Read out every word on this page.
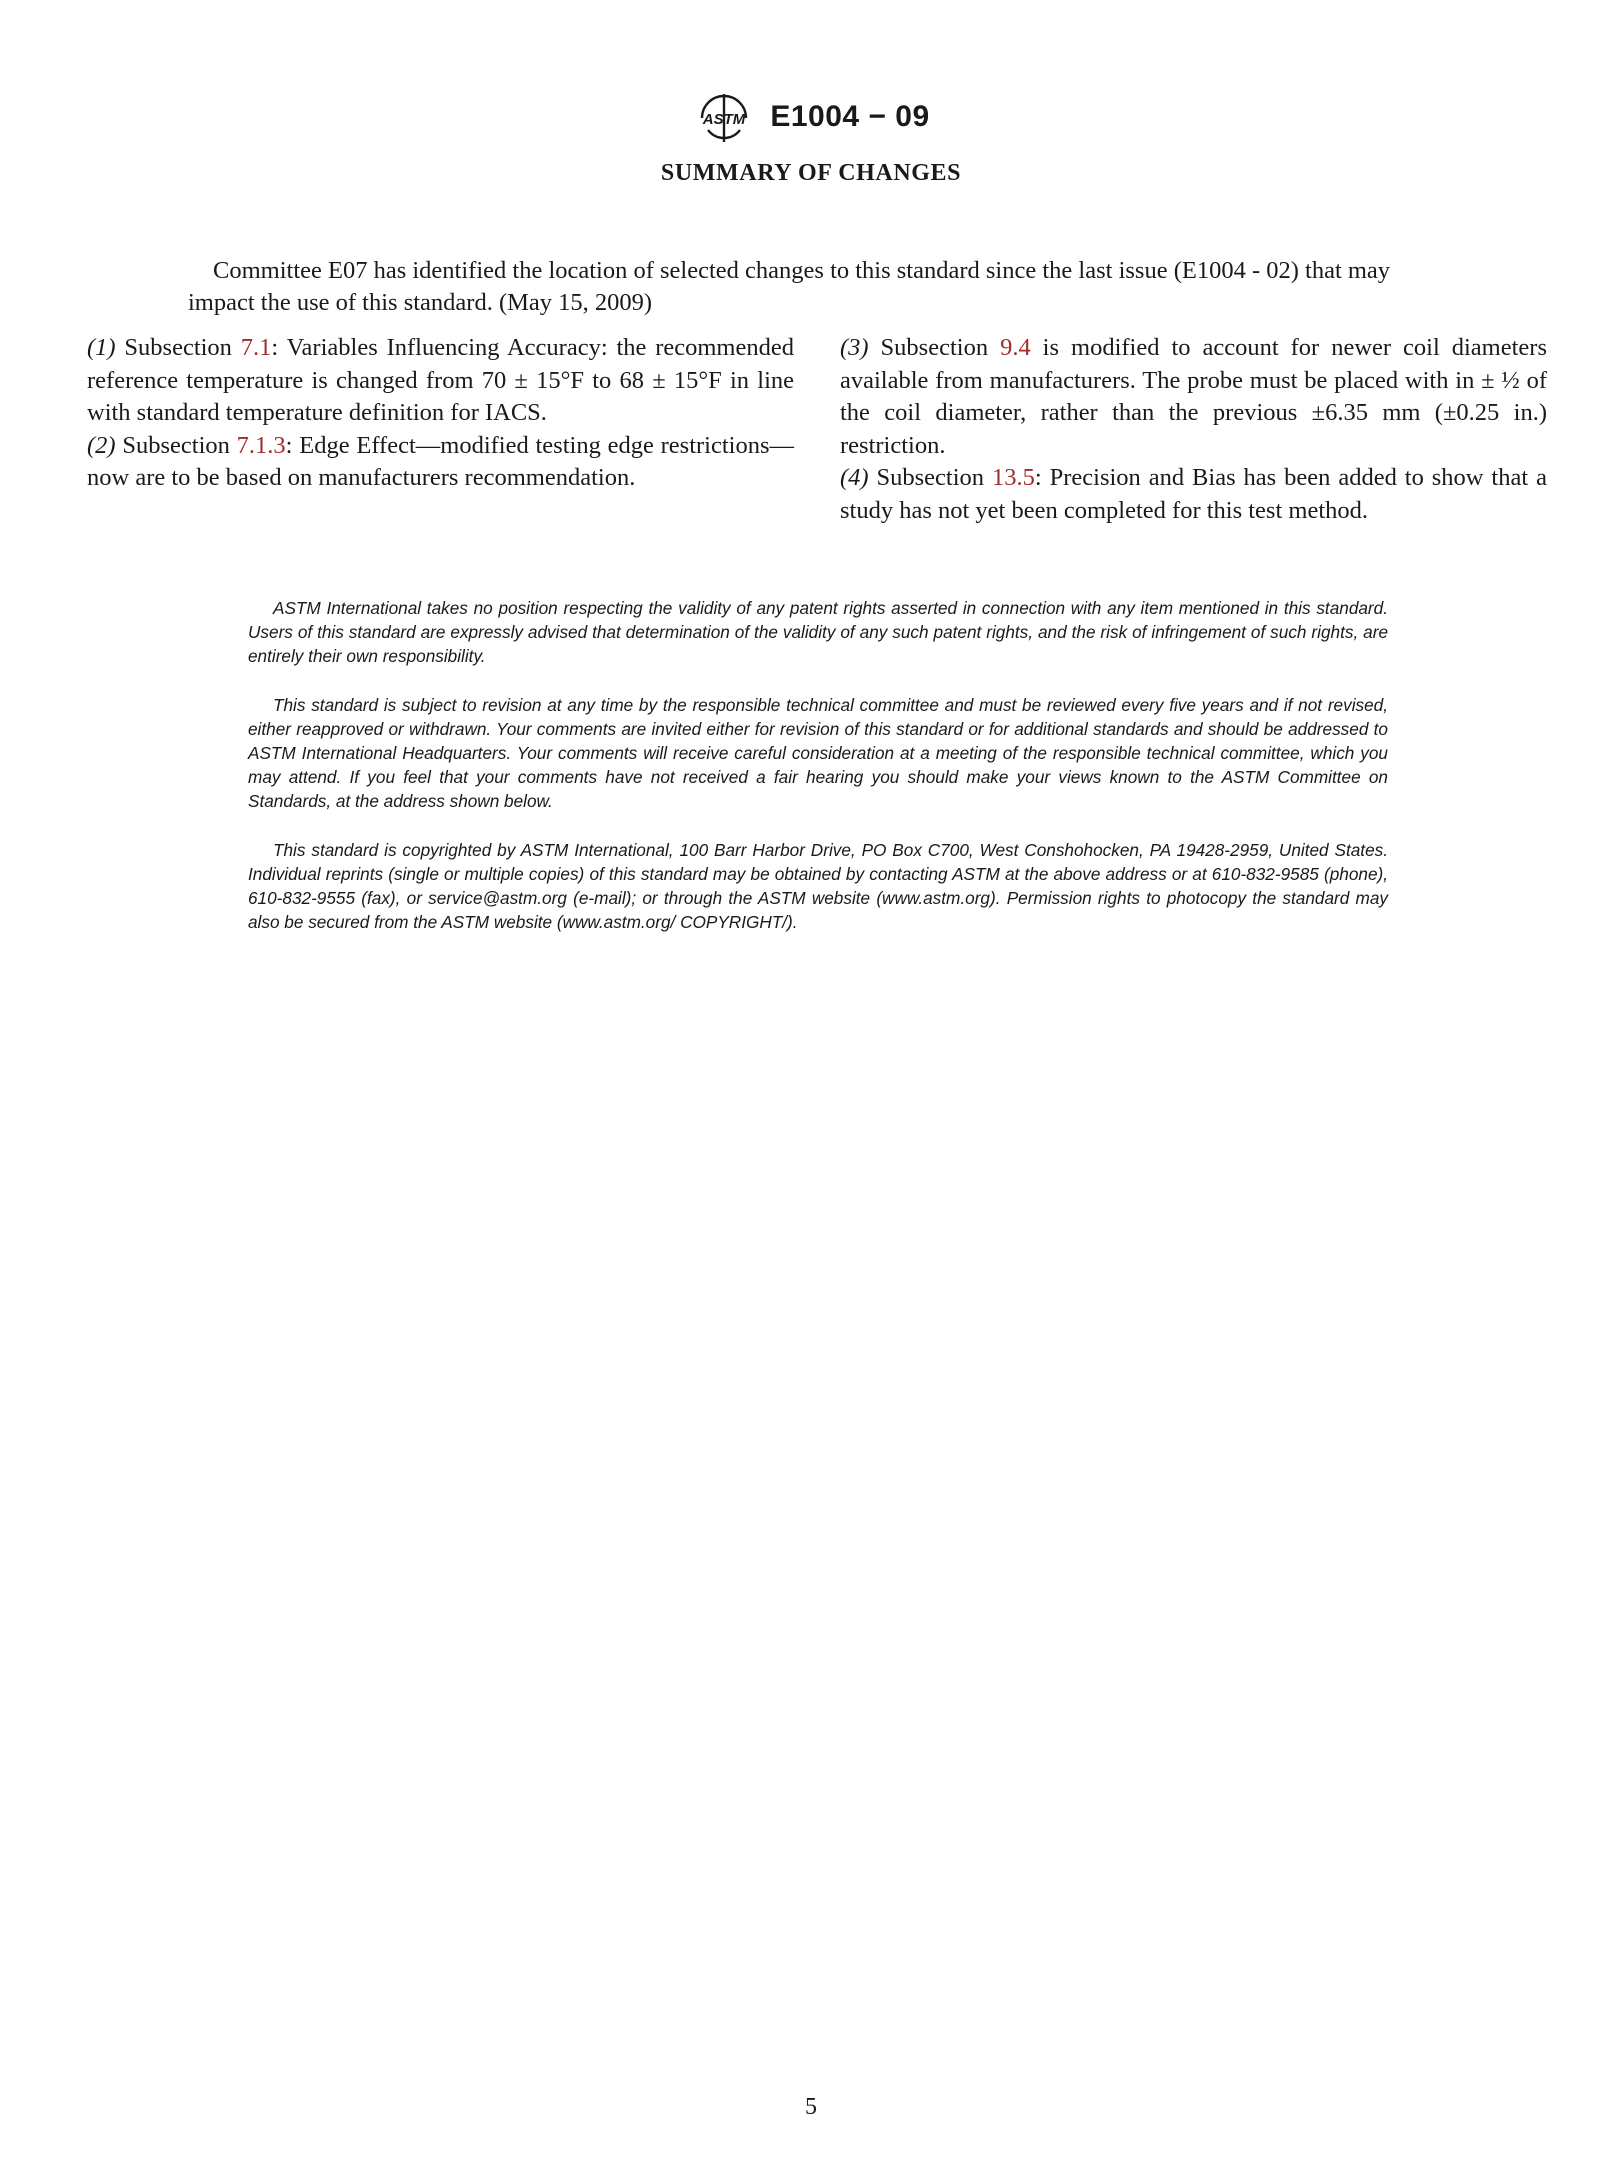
ASTM E1004 − 09
SUMMARY OF CHANGES

Committee E07 has identified the location of selected changes to this standard since the last issue (E1004 - 02) that may impact the use of this standard. (May 15, 2009)

(1) Subsection 7.1: Variables Influencing Accuracy: the recommended reference temperature is changed from 70 ± 15°F to 68 ± 15°F in line with standard temperature definition for IACS.

(2) Subsection 7.1.3: Edge Effect—modified testing edge restrictions—now are to be based on manufacturers recommendation.

(3) Subsection 9.4 is modified to account for newer coil diameters available from manufacturers. The probe must be placed with in ± ½ of the coil diameter, rather than the previous ±6.35 mm (±0.25 in.) restriction.

(4) Subsection 13.5: Precision and Bias has been added to show that a study has not yet been completed for this test method.

ASTM International takes no position respecting the validity of any patent rights asserted in connection with any item mentioned in this standard. Users of this standard are expressly advised that determination of the validity of any such patent rights, and the risk of infringement of such rights, are entirely their own responsibility.

This standard is subject to revision at any time by the responsible technical committee and must be reviewed every five years and if not revised, either reapproved or withdrawn. Your comments are invited either for revision of this standard or for additional standards and should be addressed to ASTM International Headquarters. Your comments will receive careful consideration at a meeting of the responsible technical committee, which you may attend. If you feel that your comments have not received a fair hearing you should make your views known to the ASTM Committee on Standards, at the address shown below.

This standard is copyrighted by ASTM International, 100 Barr Harbor Drive, PO Box C700, West Conshohocken, PA 19428-2959, United States. Individual reprints (single or multiple copies) of this standard may be obtained by contacting ASTM at the above address or at 610-832-9585 (phone), 610-832-9555 (fax), or service@astm.org (e-mail); or through the ASTM website (www.astm.org). Permission rights to photocopy the standard may also be secured from the ASTM website (www.astm.org/ COPYRIGHT/).

5
